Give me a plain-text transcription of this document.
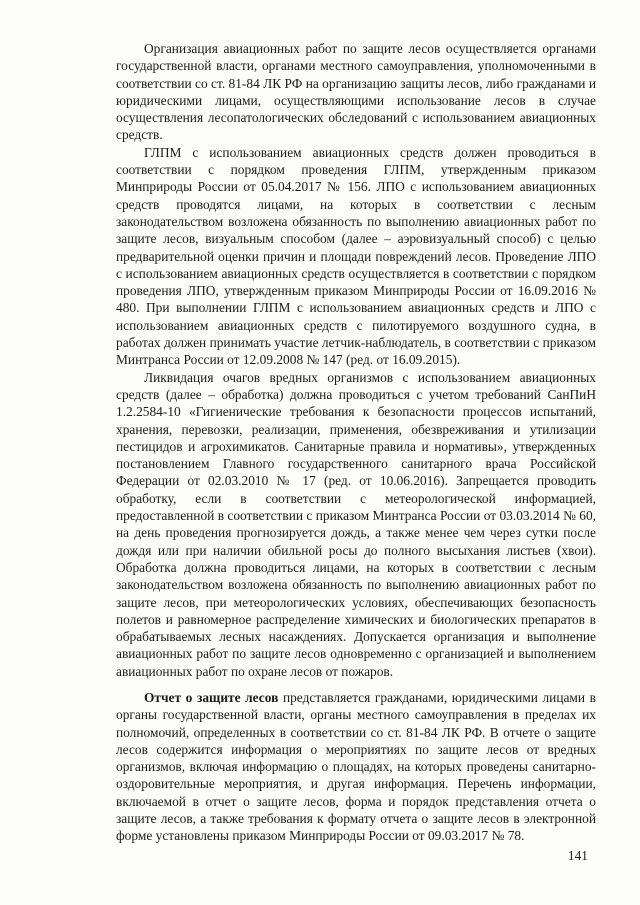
Организация авиационных работ по защите лесов осуществляется органами государственной власти, органами местного самоуправления, уполномоченными в соответствии со ст. 81-84 ЛК РФ на организацию защиты лесов, либо гражданами и юридическими лицами, осуществляющими использование лесов в случае осуществления лесопатологических обследований с использованием авиационных средств.

ГЛПМ с использованием авиационных средств должен проводиться в соответствии с порядком проведения ГЛПМ, утвержденным приказом Минприроды России от 05.04.2017 № 156. ЛПО с использованием авиационных средств проводятся лицами, на которых в соответствии с лесным законодательством возложена обязанность по выполнению авиационных работ по защите лесов, визуальным способом (далее – аэровизуальный способ) с целью предварительной оценки причин и площади повреждений лесов. Проведение ЛПО с использованием авиационных средств осуществляется в соответствии с порядком проведения ЛПО, утвержденным приказом Минприроды России от 16.09.2016 № 480. При выполнении ГЛПМ с использованием авиационных средств и ЛПО с использованием авиационных средств с пилотируемого воздушного судна, в работах должен принимать участие летчик-наблюдатель, в соответствии с приказом Минтранса России от 12.09.2008 № 147 (ред. от 16.09.2015).

Ликвидация очагов вредных организмов с использованием авиационных средств (далее – обработка) должна проводиться с учетом требований СанПиН 1.2.2584-10 «Гигиенические требования к безопасности процессов испытаний, хранения, перевозки, реализации, применения, обезвреживания и утилизации пестицидов и агрохимикатов. Санитарные правила и нормативы», утвержденных постановлением Главного государственного санитарного врача Российской Федерации от 02.03.2010 № 17 (ред. от 10.06.2016). Запрещается проводить обработку, если в соответствии с метеорологической информацией, предоставленной в соответствии с приказом Минтранса России от 03.03.2014 № 60, на день проведения прогнозируется дождь, а также менее чем через сутки после дождя или при наличии обильной росы до полного высыхания листьев (хвои). Обработка должна проводиться лицами, на которых в соответствии с лесным законодательством возложена обязанность по выполнению авиационных работ по защите лесов, при метеорологических условиях, обеспечивающих безопасность полетов и равномерное распределение химических и биологических препаратов в обрабатываемых лесных насаждениях. Допускается организация и выполнение авиационных работ по защите лесов одновременно с организацией и выполнением авиационных работ по охране лесов от пожаров.

Отчет о защите лесов представляется гражданами, юридическими лицами в органы государственной власти, органы местного самоуправления в пределах их полномочий, определенных в соответствии со ст. 81-84 ЛК РФ. В отчете о защите лесов содержится информация о мероприятиях по защите лесов от вредных организмов, включая информацию о площадях, на которых проведены санитарно-оздоровительные мероприятия, и другая информация. Перечень информации, включаемой в отчет о защите лесов, форма и порядок представления отчета о защите лесов, а также требования к формату отчета о защите лесов в электронной форме установлены приказом Минприроды России от 09.03.2017 № 78.

141
